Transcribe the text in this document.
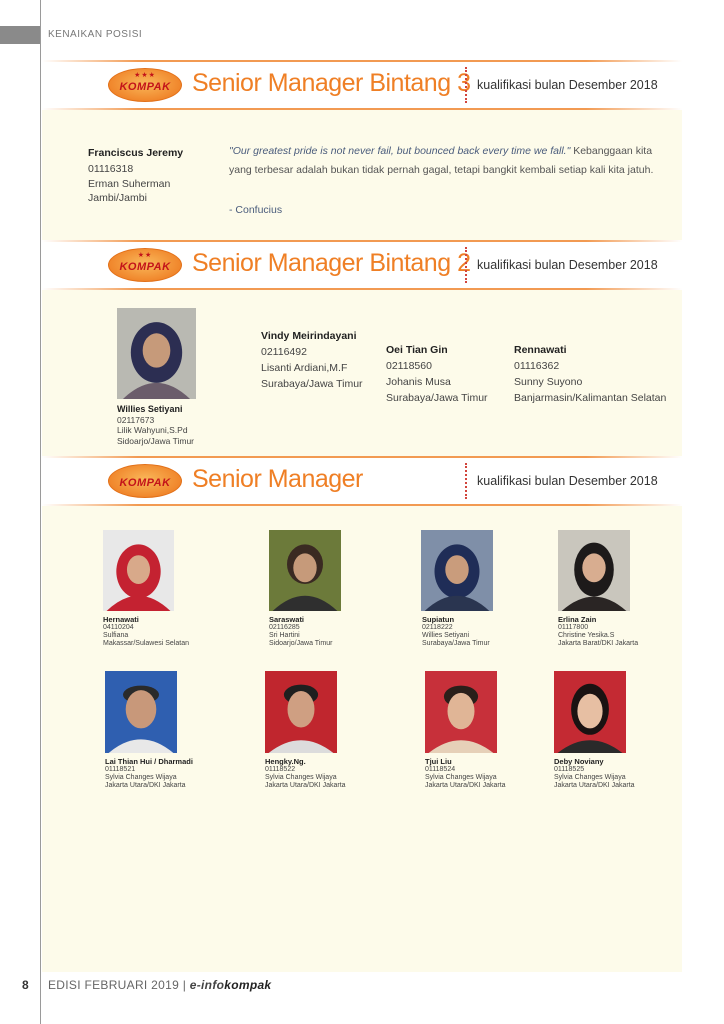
KENAIKAN POSISI
★★★
KOMPAK Senior Manager Bintang 3 kualifikasi bulan Desember 2018
Franciscus Jeremy
01116318
Erman Suherman
Jambi/Jambi
"Our greatest pride is not never fail, but bounced back every time we fall." Kebanggaan kita yang terbesar adalah bukan tidak pernah gagal, tetapi bangkit kembali setiap kali kita jatuh.
- Confucius
★★
KOMPAK Senior Manager Bintang 2 kualifikasi bulan Desember 2018
Willies Setiyani
02117673
Lilik Wahyuni,S.Pd
Sidoarjo/Jawa Timur
Vindy Meirindayani
02116492
Lisanti Ardiani,M.F
Surabaya/Jawa Timur
Oei Tian Gin
02118560
Johanis Musa
Surabaya/Jawa Timur
Rennawati
01116362
Sunny Suyono
Banjarmasin/Kalimantan Selatan
KOMPAK Senior Manager	kualifikasi bulan Desember 2018
Hernawati
04110204
Sulfiana
Makassar/Sulawesi Selatan
Saraswati
02116285
Sri Hartini
Sidoarjo/Jawa Timur
Supiatun
02118222
Willies Setiyani
Surabaya/Jawa Timur
Erlina Zain
01117800
Christine Yesika.S
Jakarta Barat/DKI Jakarta
Lai Thian Hui / Dharmadi
01118521
Sylvia Changes Wijaya
Jakarta Utara/DKI Jakarta
Hengky.Ng.
01118522
Sylvia Changes Wijaya
Jakarta Utara/DKI Jakarta
Tjui Liu
01118524
Sylvia Changes Wijaya
Jakarta Utara/DKI Jakarta
Deby Noviany
01118525
Sylvia Changes Wijaya
Jakarta Utara/DKI Jakarta
8 EDISI FEBRUARI 2019 | e-infokompak
